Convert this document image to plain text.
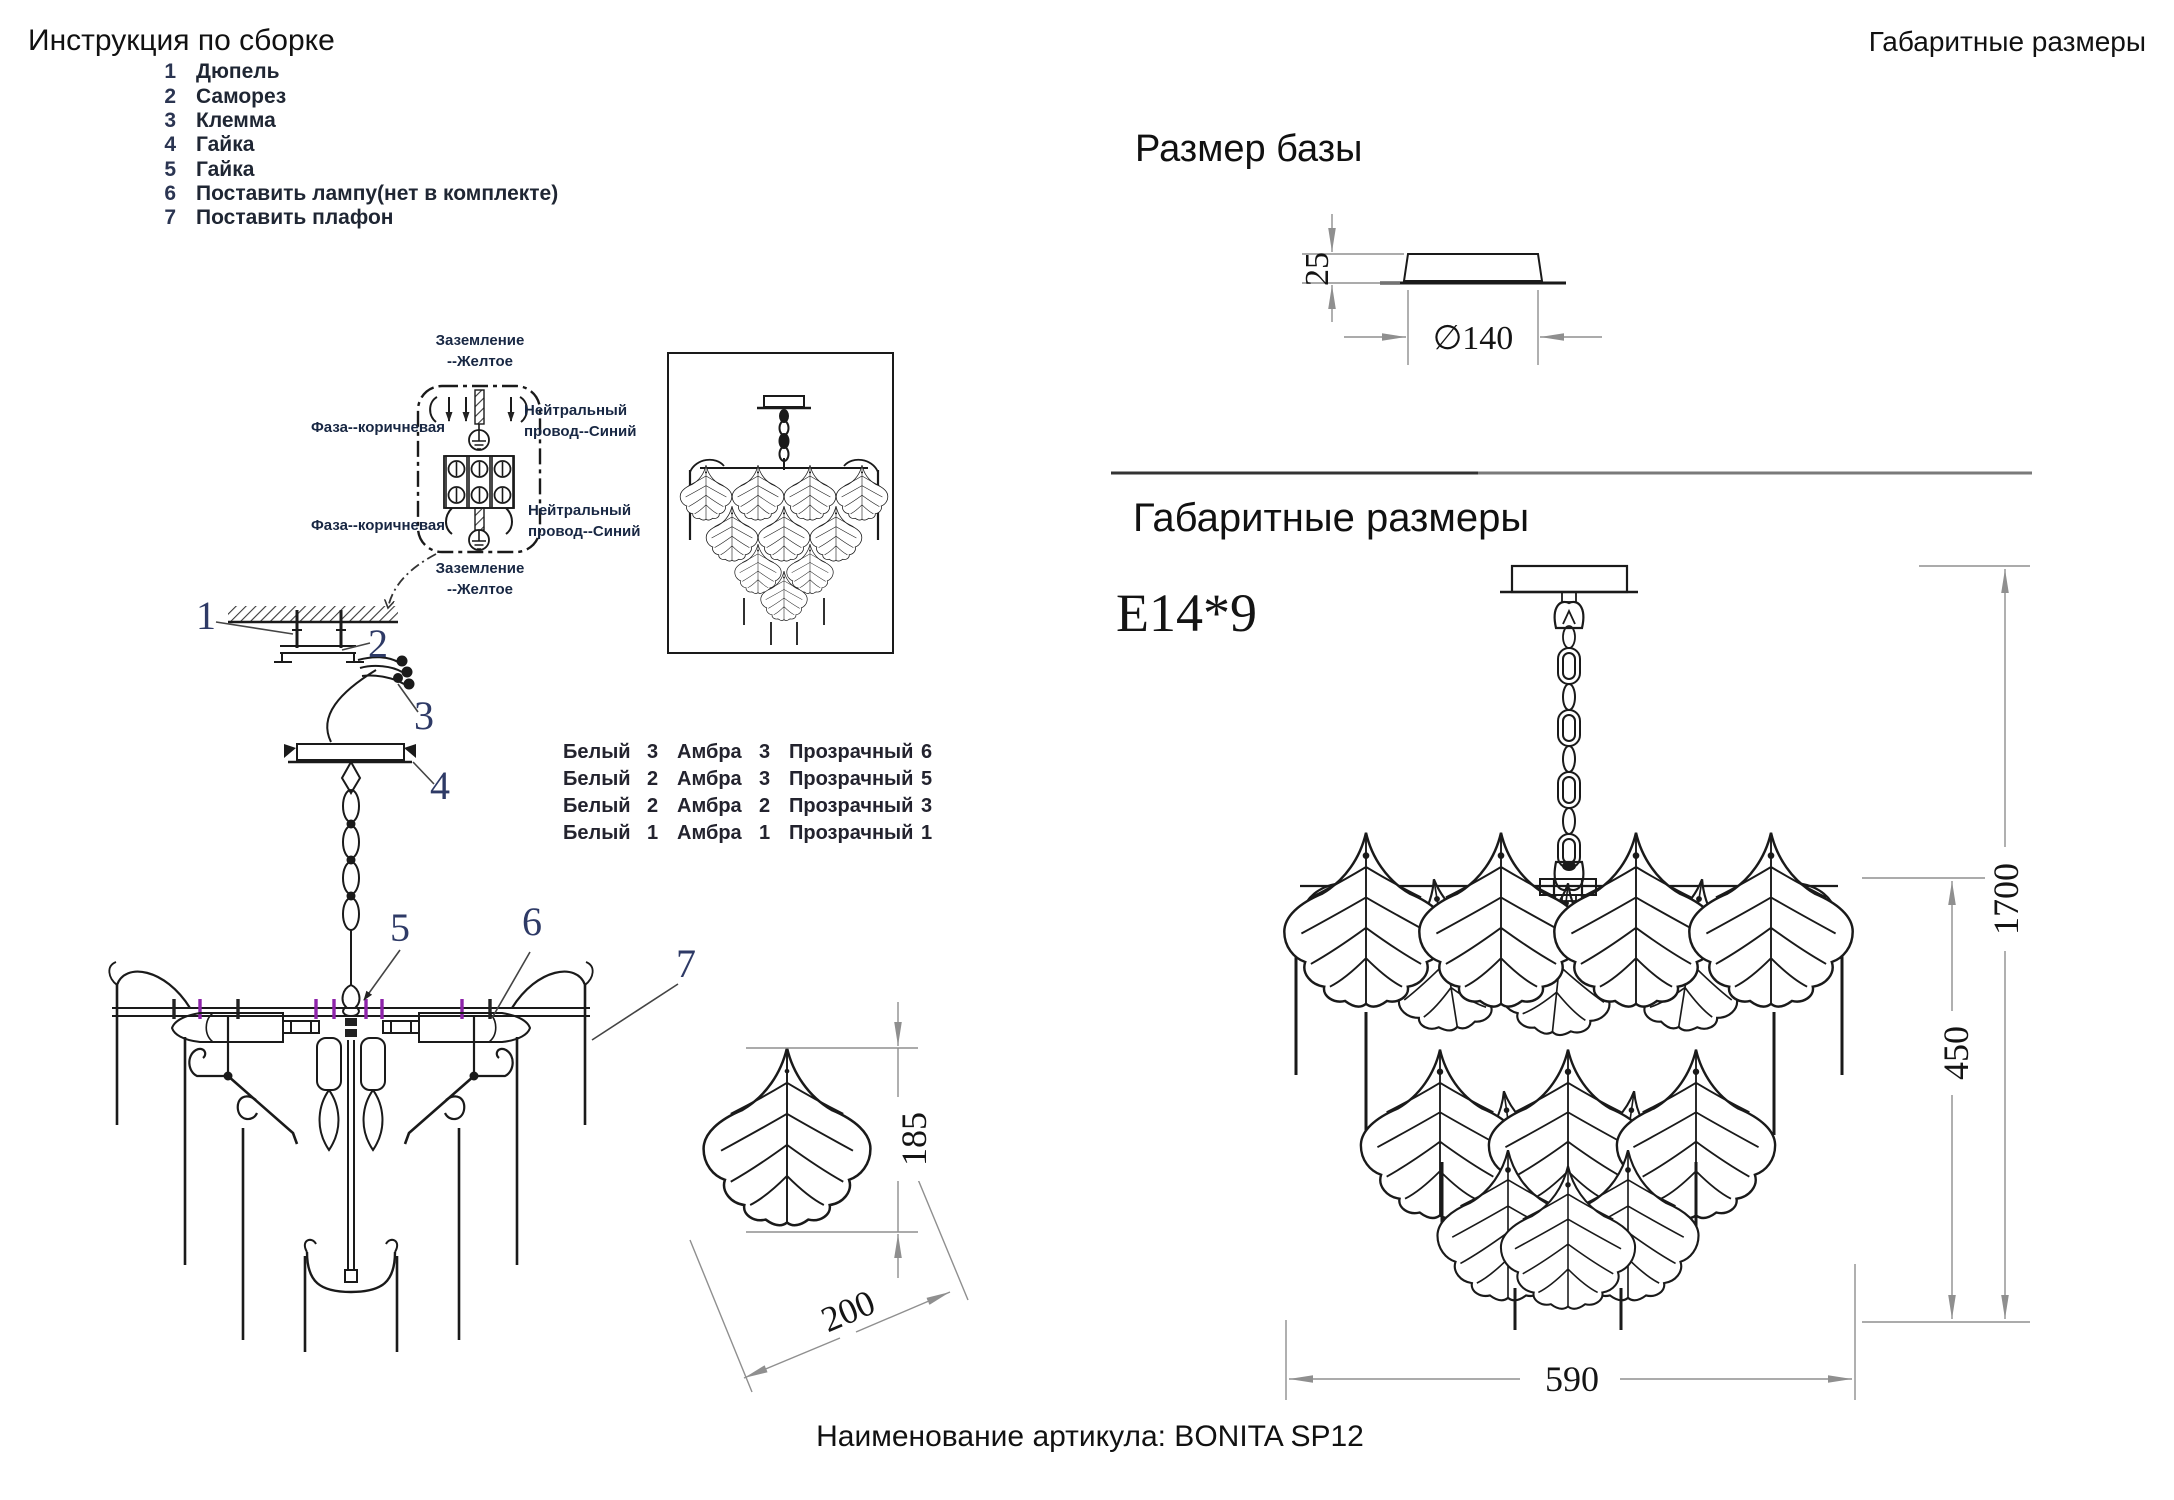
Инструкция по сборке	Габаритные размеры
1 Дюпель
2 Саморез
3 Клемма
4 Гайка
5 Гайка
6 Поставить лампу(нет в комплекте)
7 Поставить плафон
Заземление
--Желтое
Фаза--коричневая
Нейтральный
провод--Синий
Фаза--коричневая
Нейтральный
провод--Синий
Заземление
--Желтое
Белый 3 Амбра 3 Прозрачный 6
Белый 2 Амбра 3 Прозрачный 5
Белый 2 Амбра 2 Прозрачный 3
Белый 1 Амбра 1 Прозрачный 1
1
2
3
4
5	6
7
Размер базы
25
∅140
Габаритные размеры
E14*9
1700
450
590
185
200
Наименование артикула: BONITA SP12
